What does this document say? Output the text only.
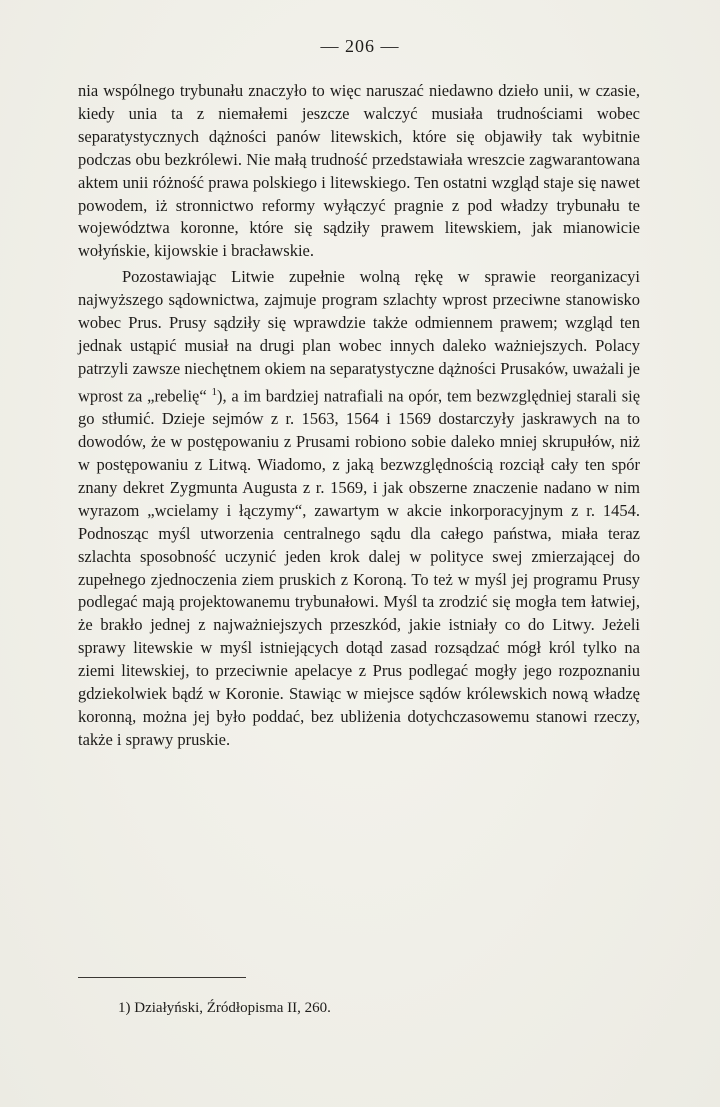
— 206 —

nia wspólnego trybunału znaczyło to więc naruszać niedawno dzieło unii, w czasie, kiedy unia ta z niemałemi jeszcze walczyć musiała trudnościami wobec separatystycznych dążności panów litewskich, które się objawiły tak wybitnie podczas obu bezkrólewi. Nie małą trudność przedstawiała wreszcie zagwarantowana aktem unii różność prawa polskiego i litewskiego. Ten ostatni wzgląd staje się nawet powodem, iż stronnictwo reformy wyłączyć pragnie z pod władzy trybunału te województwa koronne, które się sądziły prawem litewskiem, jak mianowicie wołyńskie, kijowskie i bracławskie.

Pozostawiając Litwie zupełnie wolną rękę w sprawie reorganizacyi najwyższego sądownictwa, zajmuje program szlachty wprost przeciwne stanowisko wobec Prus. Prusy sądziły się wprawdzie także odmiennem prawem; wzgląd ten jednak ustąpić musiał na drugi plan wobec innych daleko ważniejszych. Polacy patrzyli zawsze niechętnem okiem na separatystyczne dążności Prusaków, uważali je wprost za „rebelię“ $^1$), a im bardziej natrafiali na opór, tem bezwzględniej starali się go stłumić. Dzieje sejmów z r. 1563, 1564 i 1569 dostarczyły jaskrawych na to dowodów, że w postępowaniu z Prusami robiono sobie daleko mniej skrupułów, niż w postępowaniu z Litwą. Wiadomo, z jaką bezwzględnością rozciął cały ten spór znany dekret Zygmunta Augusta z r. 1569, i jak obszerne znaczenie nadano w nim wyrazom „wcielamy i łączymy“, zawartym w akcie inkorporacyjnym z r. 1454. Podnosząc myśl utworzenia centralnego sądu dla całego państwa, miała teraz szlachta sposobność uczynić jeden krok dalej w polityce swej zmierzającej do zupełnego zjednoczenia ziem pruskich z Koroną. To też w myśl jej programu Prusy podlegać mają projektowanemu trybunałowi. Myśl ta zrodzić się mogła tem łatwiej, że brakło jednej z najważniejszych przeszkód, jakie istniały co do Litwy. Jeżeli sprawy litewskie w myśl istniejących dotąd zasad rozsądzać mógł król tylko na ziemi litewskiej, to przeciwnie apelacye z Prus podlegać mogły jego rozpoznaniu gdziekolwiek bądź w Koronie. Stawiąc w miejsce sądów królewskich nową władzę koronną, można jej było poddać, bez ubliżenia dotychczasowemu stanowi rzeczy, także i sprawy pruskie.

1) Działyński, Źródłopisma II, 260.
